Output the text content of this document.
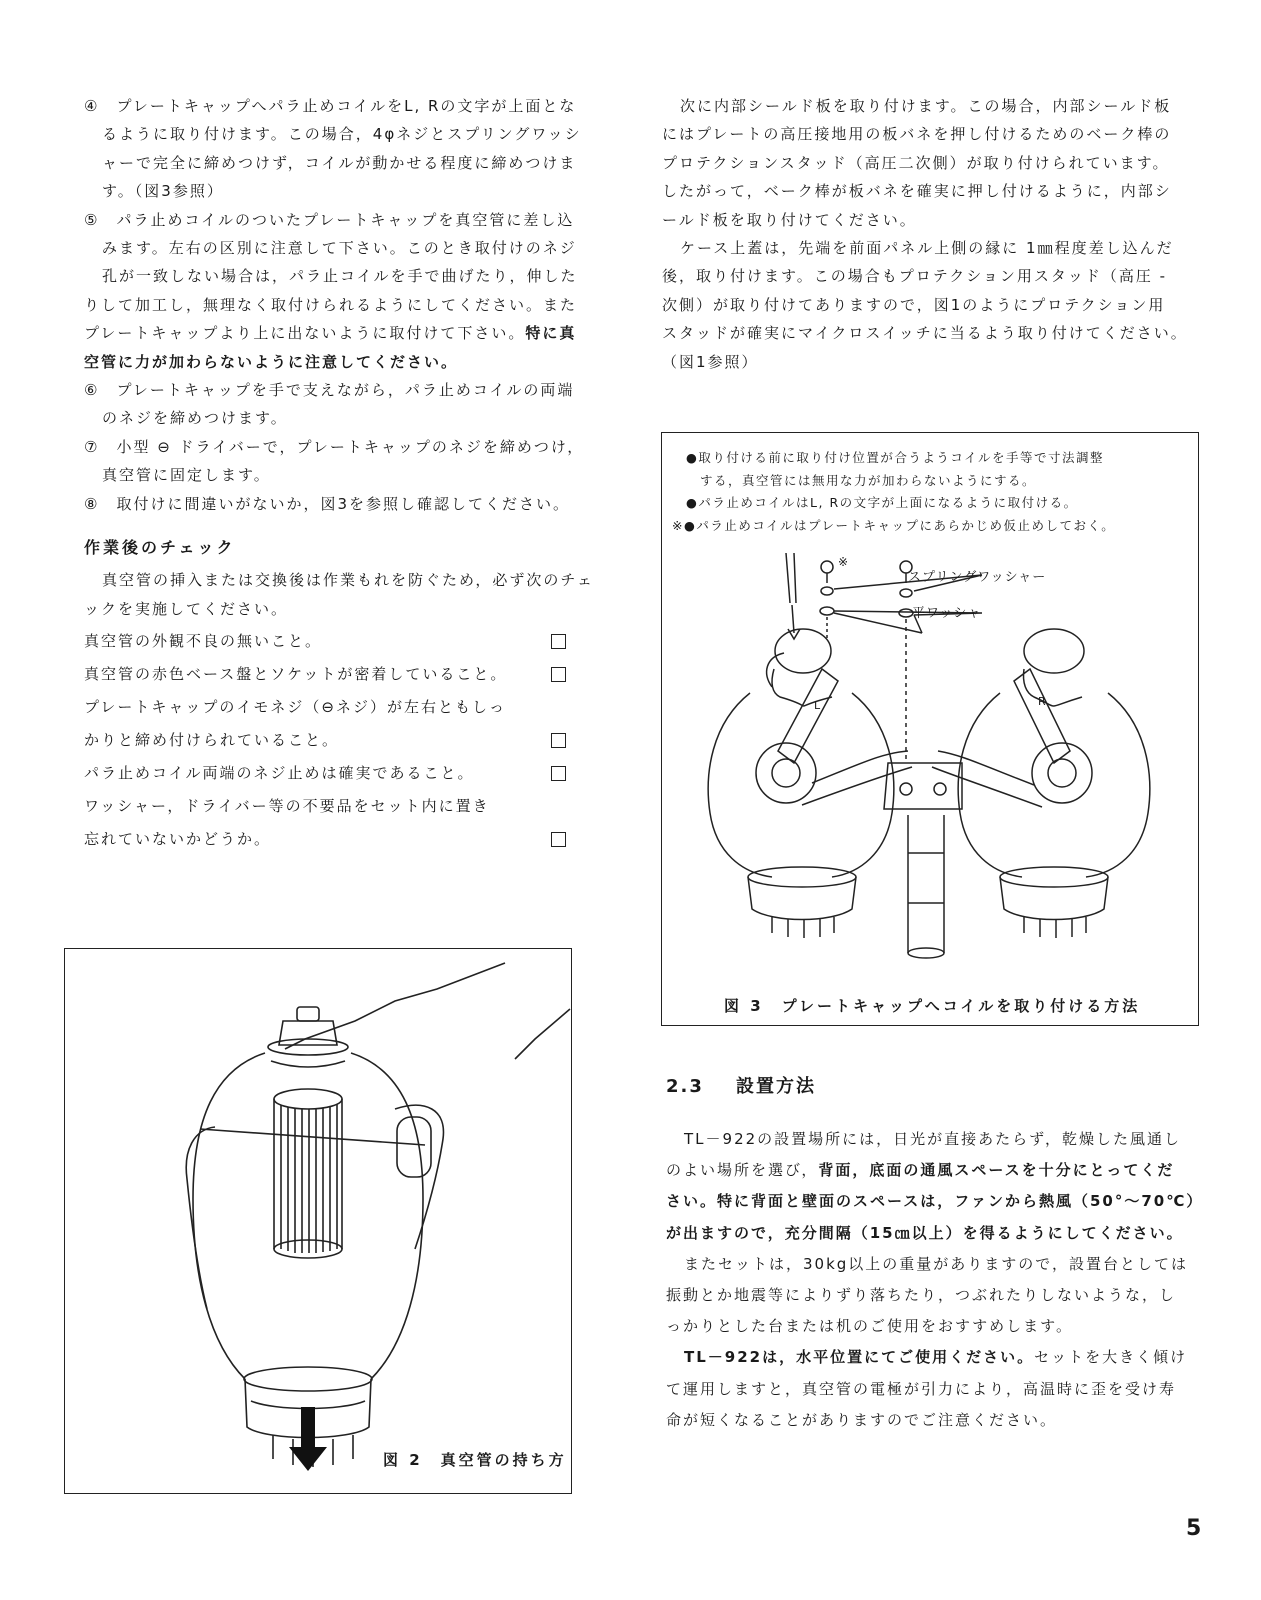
④　プレートキャップへパラ止めコイルをL, Rの文字が上面とな

るように取り付けます。この場合，4φネジとスプリングワッシ

ャーで完全に締めつけず，コイルが動かせる程度に締めつけま

す。（図3参照）

⑤　パラ止めコイルのついたプレートキャップを真空管に差し込

みます。左右の区別に注意して下さい。このとき取付けのネジ

孔が一致しない場合は，パラ止コイルを手で曲げたり，伸した

りして加工し，無理なく取付けられるようにしてください。また

プレートキャップより上に出ないように取付けて下さい。特に真

空管に力が加わらないように注意してください。

⑥　プレートキャップを手で支えながら，パラ止めコイルの両端

のネジを締めつけます。

⑦　小型 ⊖ ドライバーで，プレートキャップのネジを締めつけ，

真空管に固定します。

⑧　取付けに間違いがないか，図3を参照し確認してください。

作業後のチェック

真空管の挿入または交換後は作業もれを防ぐため，必ず次のチェ

ックを実施してください。

真空管の外観不良の無いこと。
真空管の赤色ベース盤とソケットが密着していること。
プレートキャップのイモネジ（⊖ネジ）が左右ともしっ
かりと締め付けられていること。
パラ止めコイル両端のネジ止めは確実であること。
ワッシャー，ドライバー等の不要品をセット内に置き
忘れていないかどうか。
図 2　真空管の持ち方

次に内部シールド板を取り付けます。この場合，内部シールド板

にはプレートの高圧接地用の板バネを押し付けるためのベーク棒の

プロテクションスタッド（高圧二次側）が取り付けられています。

したがって，ベーク棒が板バネを確実に押し付けるように，内部シ

ールド板を取り付けてください。

ケース上蓋は，先端を前面パネル上側の縁に 1㎜程度差し込んだ

後，取り付けます。この場合もプロテクション用スタッド（高圧 -

次側）が取り付けてありますので，図1のようにプロテクション用

スタッドが確実にマイクロスイッチに当るよう取り付けてください。

（図1参照）

●取り付ける前に取り付け位置が合うようコイルを手等で寸法調整
　する，真空管には無用な力が加わらないようにする。
●パラ止めコイルはL, Rの文字が上面になるように取付ける。
※●パラ止めコイルはプレートキャップにあらかじめ仮止めしておく。
スプリングワッシャー
平ワッシャ
※
L	R
図 3　プレートキャップへコイルを取り付ける方法
2.3 設置方法

TL－922の設置場所には，日光が直接あたらず，乾燥した風通し

のよい場所を選び，背面，底面の通風スペースを十分にとってくだ

さい。特に背面と壁面のスペースは，ファンから熱風（50°～70℃）

が出ますので，充分間隔（15㎝以上）を得るようにしてください。

またセットは，30kg以上の重量がありますので，設置台としては

振動とか地震等によりずり落ちたり，つぶれたりしないような，し

っかりとした台または机のご使用をおすすめします。

TL－922は，水平位置にてご使用ください。セットを大きく傾け

て運用しますと，真空管の電極が引力により，高温時に歪を受け寿

命が短くなることがありますのでご注意ください。

5
